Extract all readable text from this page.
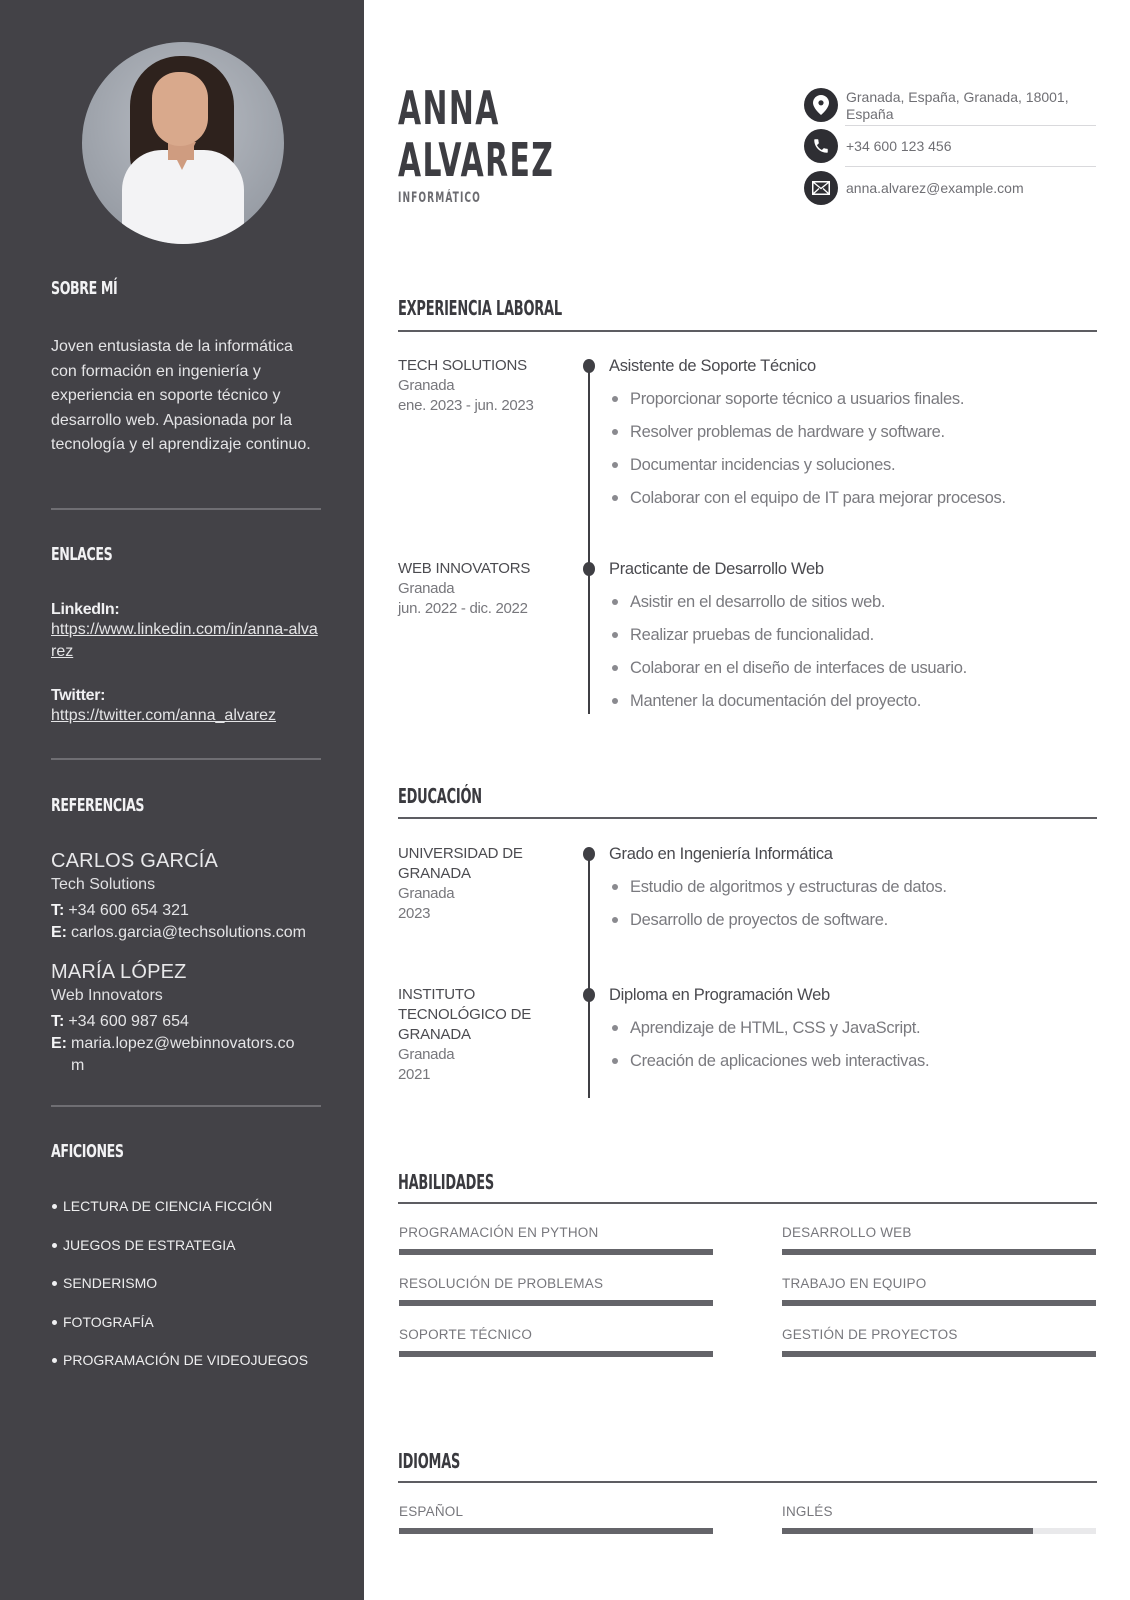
SOBRE MÍ
Joven entusiasta de la informática con formación en ingeniería y experiencia en soporte técnico y desarrollo web. Apasionada por la tecnología y el aprendizaje continuo.
ENLACES
LinkedIn:
https://www.linkedin.com/in/anna-alvarez
Twitter:
https://twitter.com/anna_alvarez
REFERENCIAS
CARLOS GARCÍA
Tech Solutions
T: +34 600 654 321
E: carlos.garcia@techsolutions.com
MARÍA LÓPEZ
Web Innovators
T: +34 600 987 654
E: maria.lopez@webinnovators.com
AFICIONES
LECTURA DE CIENCIA FICCIÓN
JUEGOS DE ESTRATEGIA
SENDERISMO
FOTOGRAFÍA
PROGRAMACIÓN DE VIDEOJUEGOS
ANNA
ALVAREZ
INFORMÁTICO
Granada, España, Granada, 18001, España
+34 600 123 456
anna.alvarez@example.com
EXPERIENCIA LABORAL
TECH SOLUTIONS
Granada
ene. 2023 - jun. 2023
Asistente de Soporte Técnico
Proporcionar soporte técnico a usuarios finales.
Resolver problemas de hardware y software.
Documentar incidencias y soluciones.
Colaborar con el equipo de IT para mejorar procesos.
WEB INNOVATORS
Granada
jun. 2022 - dic. 2022
Practicante de Desarrollo Web
Asistir en el desarrollo de sitios web.
Realizar pruebas de funcionalidad.
Colaborar en el diseño de interfaces de usuario.
Mantener la documentación del proyecto.
EDUCACIÓN
UNIVERSIDAD DE GRANADA
Granada
2023
Grado en Ingeniería Informática
Estudio de algoritmos y estructuras de datos.
Desarrollo de proyectos de software.
INSTITUTO TECNOLÓGICO DE GRANADA
Granada
2021
Diploma en Programación Web
Aprendizaje de HTML, CSS y JavaScript.
Creación de aplicaciones web interactivas.
HABILIDADES
PROGRAMACIÓN EN PYTHON	DESARROLLO WEB
RESOLUCIÓN DE PROBLEMAS	TRABAJO EN EQUIPO
SOPORTE TÉCNICO	GESTIÓN DE PROYECTOS
IDIOMAS
ESPAÑOL	INGLÉS
